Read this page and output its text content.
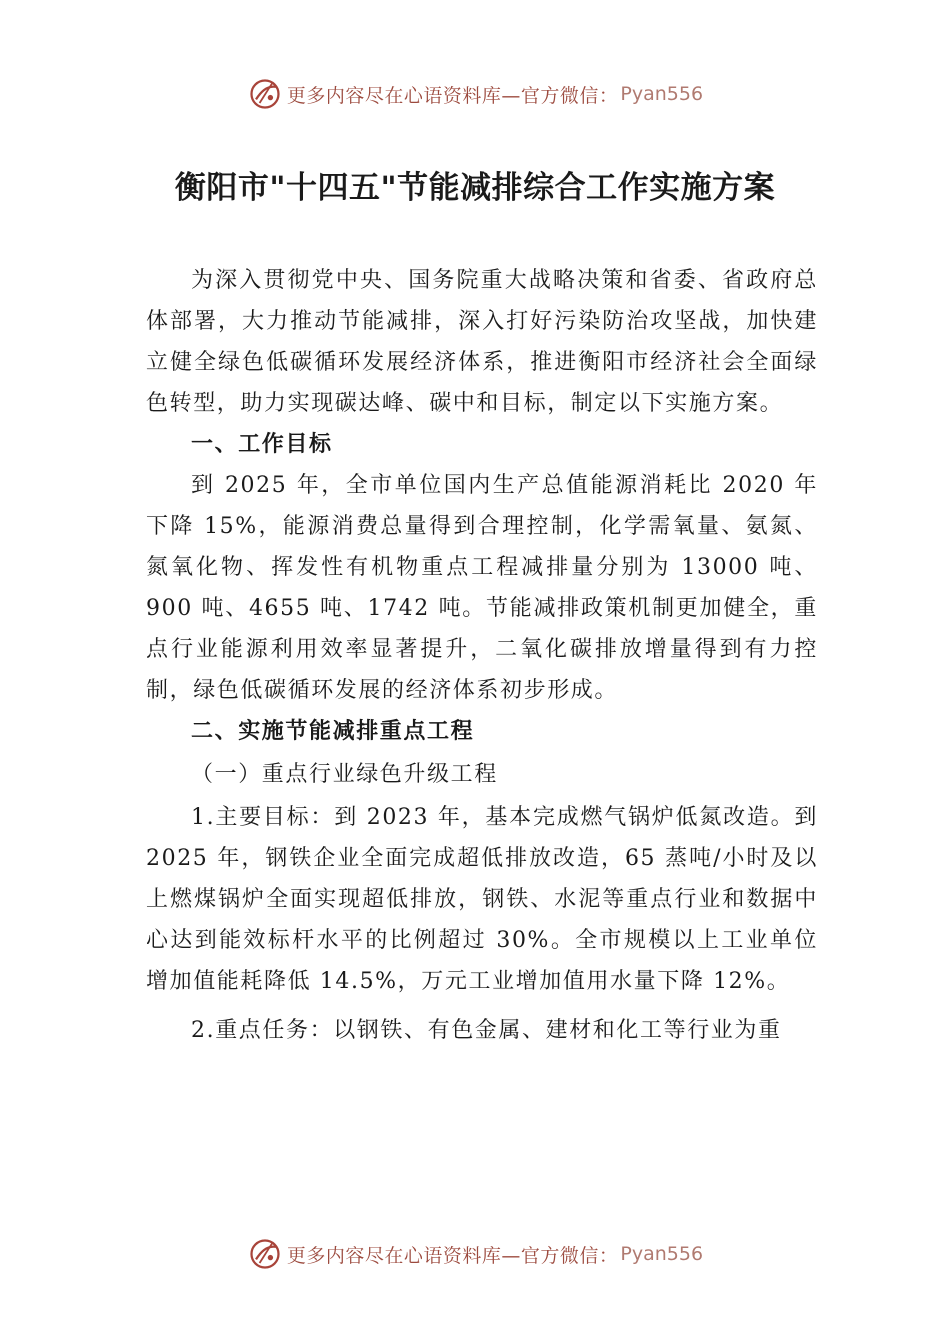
更多内容尽在心语资料库—官方微信： Pyan556
衡阳市"十四五"节能减排综合工作实施方案

为深入贯彻党中央、国务院重大战略决策和省委、省政府总体部署，大力推动节能减排，深入打好污染防治攻坚战，加快建立健全绿色低碳循环发展经济体系，推进衡阳市经济社会全面绿色转型，助力实现碳达峰、碳中和目标，制定以下实施方案。

一、工作目标

到 2025 年，全市单位国内生产总值能源消耗比 2020 年下降 15%，能源消费总量得到合理控制，化学需氧量、氨氮、氮氧化物、挥发性有机物重点工程减排量分别为 13000 吨、900 吨、4655 吨、1742 吨。节能减排政策机制更加健全，重点行业能源利用效率显著提升，二氧化碳排放增量得到有力控制，绿色低碳循环发展的经济体系初步形成。

二、实施节能减排重点工程

（一）重点行业绿色升级工程

1.主要目标：到 2023 年，基本完成燃气锅炉低氮改造。到 2025 年，钢铁企业全面完成超低排放改造，65 蒸吨/小时及以上燃煤锅炉全面实现超低排放，钢铁、水泥等重点行业和数据中心达到能效标杆水平的比例超过 30%。全市规模以上工业单位增加值能耗降低 14.5%，万元工业增加值用水量下降 12%。

2.重点任务：以钢铁、有色金属、建材和化工等行业为重

更多内容尽在心语资料库—官方微信： Pyan556
